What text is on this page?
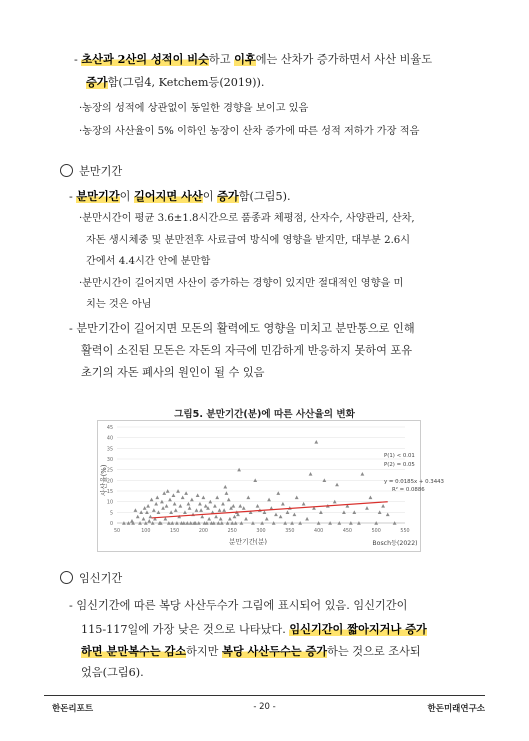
- 초산과 2산의 성적이 비슷하고 이후에는 산차가 증가하면서 사산 비율도
증가함(그림4, Ketchem등(2019)).
·농장의 성적에 상관없이 동일한 경향을 보이고 있음
·농장의 사산율이 5% 이하인 농장이 산차 증가에 따른 성적 저하가 가장 적음
분만기간
- 분만기간이 길어지면 사산이 증가함(그림5).
·분만시간이 평균 3.6±1.8시간으로 품종과 체평점, 산자수, 사양관리, 산차,
자돈 생시체중 및 분만전후 사료급여 방식에 영향을 받지만, 대부분 2.6시
간에서 4.4시간 안에 분만함
·분만시간이 길어지면 사산이 증가하는 경향이 있지만 절대적인 영향을 미
치는 것은 아님
- 분만기간이 길어지면 모돈의 활력에도 영향을 미치고 분만통으로 인해
활력이 소진된 모돈은 자돈의 자극에 민감하게 반응하지 못하여 포유
초기의 자돈 폐사의 원인이 될 수 있음
그림5. 분만기간(분)에 따른 사산율의 변화
0
5
10
15
20
25
30
35
40
45
50	100	150	200	250	300	350	400	450	500	550
사산율(%)
분만기간(분)	Bosch등(2022)
P(1) < 0.01
P(2) = 0.05
y = 0.0185x + 0.3443
R² = 0.0886
임신기간
- 임신기간에 따른 복당 사산두수가 그림에 표시되어 있음. 임신기간이
115-117일에 가장 낮은 것으로 나타났다. 임신기간이 짧아지거나 증가
하면 분만복수는 감소하지만 복당 사산두수는 증가하는 것으로 조사되
었음(그림6).
한돈리포트	- 20 -	한돈미래연구소
